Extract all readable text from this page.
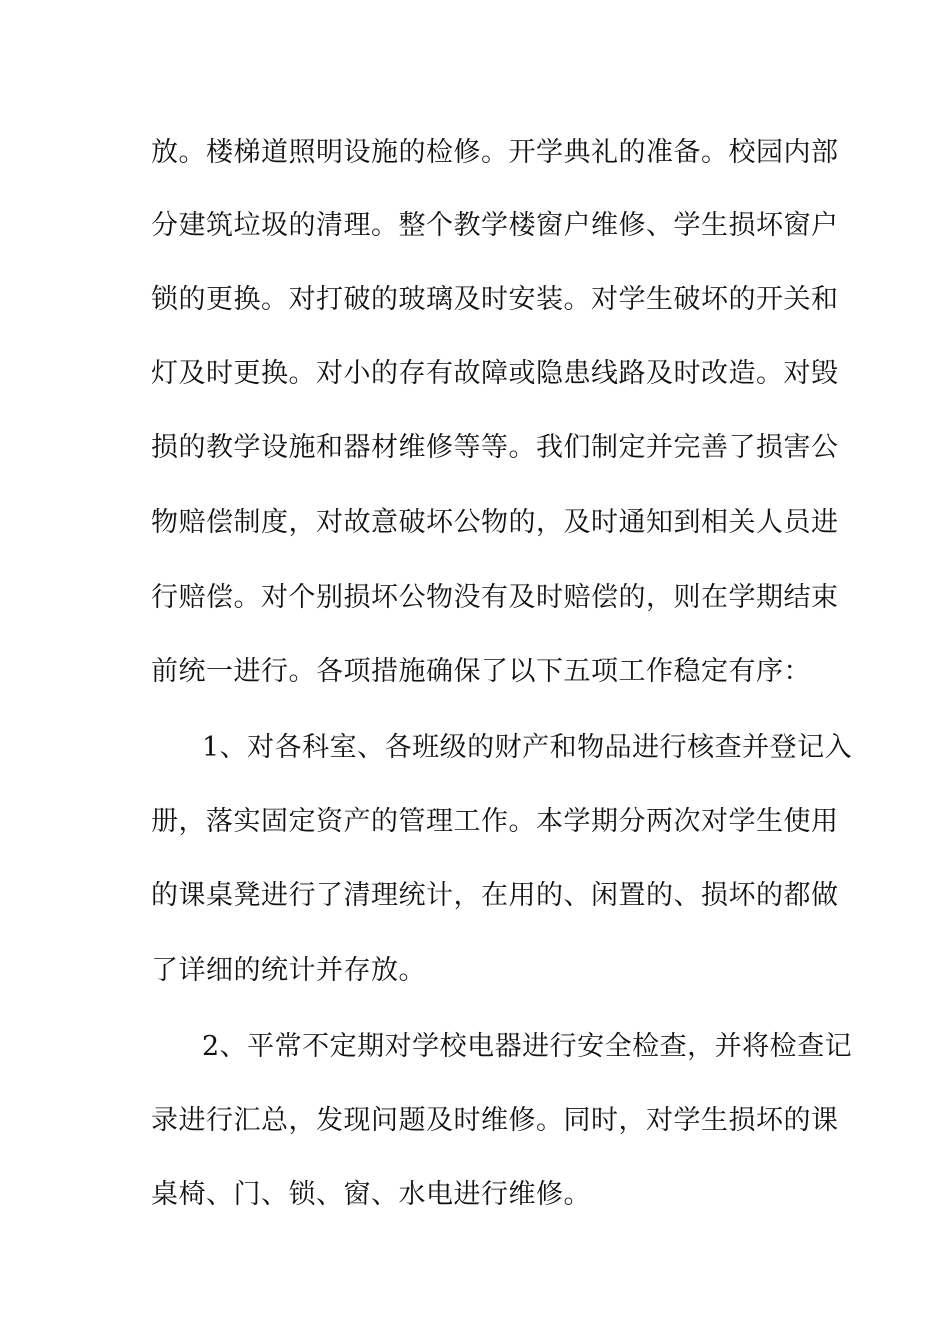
放。楼梯道照明设施的检修。开学典礼的准备。校园内部
分建筑垃圾的清理。整个教学楼窗户维修、学生损坏窗户
锁的更换。对打破的玻璃及时安装。对学生破坏的开关和
灯及时更换。对小的存有故障或隐患线路及时改造。对毁
损的教学设施和器材维修等等。我们制定并完善了损害公
物赔偿制度，对故意破坏公物的，及时通知到相关人员进
行赔偿。对个别损坏公物没有及时赔偿的，则在学期结束
前统一进行。各项措施确保了以下五项工作稳定有序：
1、对各科室、各班级的财产和物品进行核查并登记入
册，落实固定资产的管理工作。本学期分两次对学生使用
的课桌凳进行了清理统计，在用的、闲置的、损坏的都做
了详细的统计并存放。
2、平常不定期对学校电器进行安全检查，并将检查记
录进行汇总，发现问题及时维修。同时，对学生损坏的课
桌椅、门、锁、窗、水电进行维修。
